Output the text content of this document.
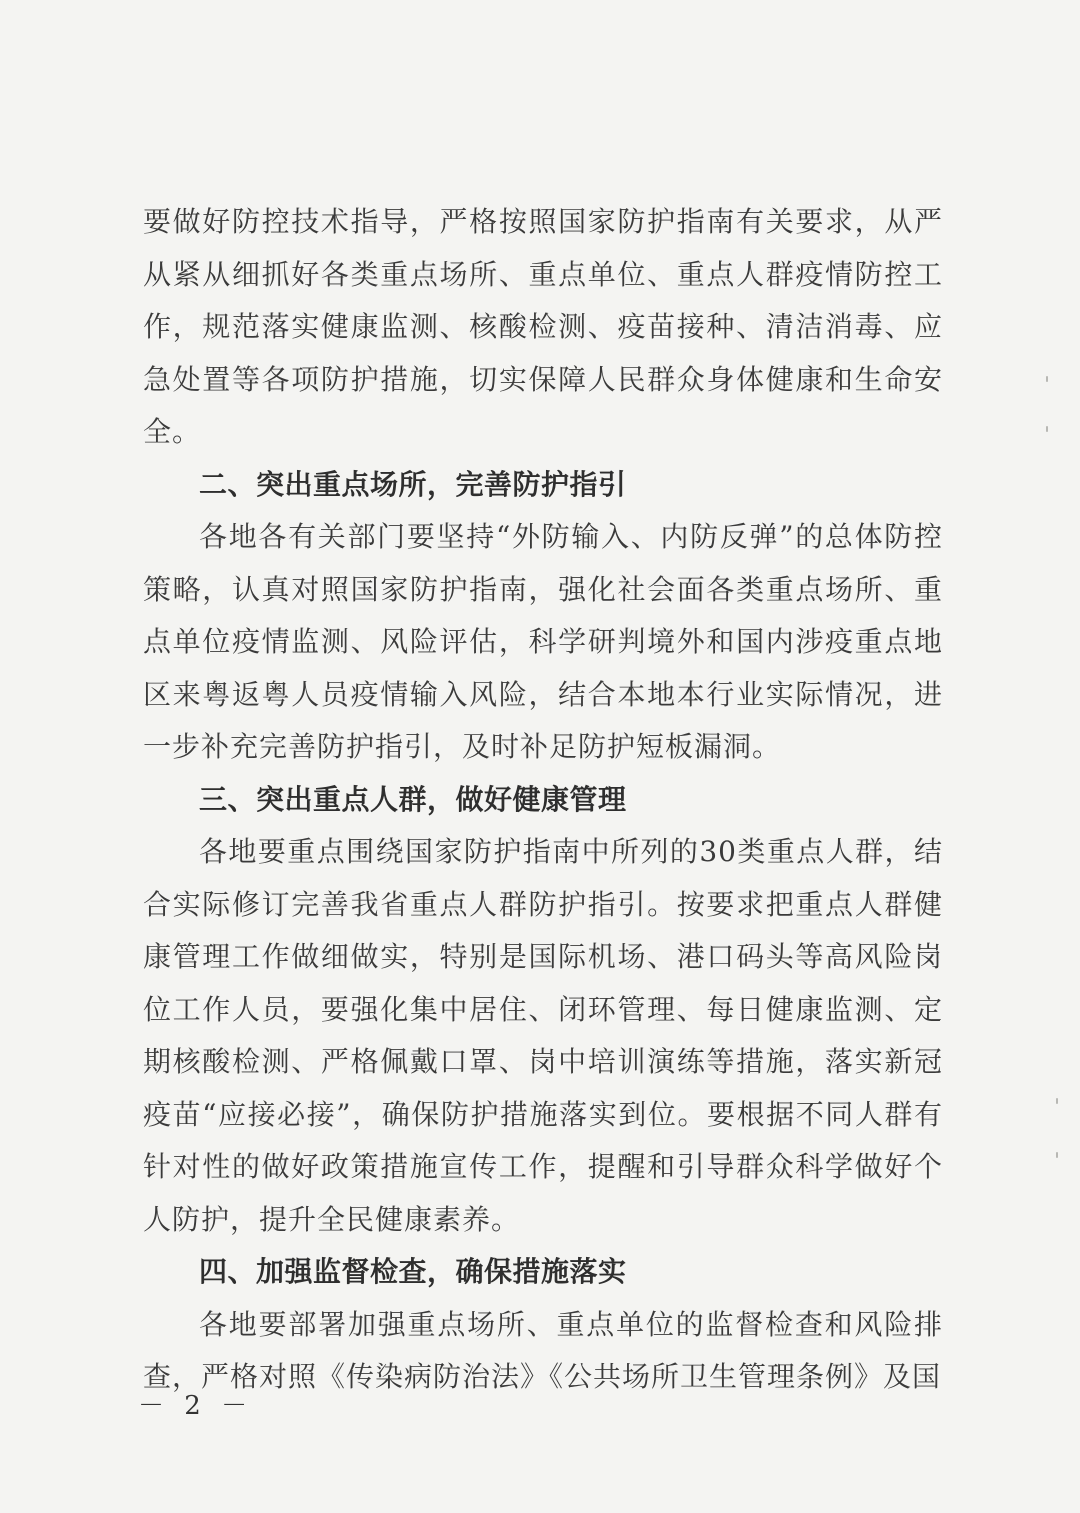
要做好防控技术指导，严格按照国家防护指南有关要求，从严从紧从细抓好各类重点场所、重点单位、重点人群疫情防控工作，规范落实健康监测、核酸检测、疫苗接种、清洁消毒、应急处置等各项防护措施，切实保障人民群众身体健康和生命安全。

二、突出重点场所，完善防护指引

各地各有关部门要坚持“外防输入、内防反弹”的总体防控策略，认真对照国家防护指南，强化社会面各类重点场所、重点单位疫情监测、风险评估，科学研判境外和国内涉疫重点地区来粤返粤人员疫情输入风险，结合本地本行业实际情况，进一步补充完善防护指引，及时补足防护短板漏洞。

三、突出重点人群，做好健康管理

各地要重点围绕国家防护指南中所列的30类重点人群，结合实际修订完善我省重点人群防护指引。按要求把重点人群健康管理工作做细做实，特别是国际机场、港口码头等高风险岗位工作人员，要强化集中居住、闭环管理、每日健康监测、定期核酸检测、严格佩戴口罩、岗中培训演练等措施，落实新冠疫苗“应接必接”，确保防护措施落实到位。要根据不同人群有针对性的做好政策措施宣传工作，提醒和引导群众科学做好个人防护，提升全民健康素养。

四、加强监督检查，确保措施落实

各地要部署加强重点场所、重点单位的监督检查和风险排查，严格对照《传染病防治法》《公共场所卫生管理条例》及国

－ 2 －
